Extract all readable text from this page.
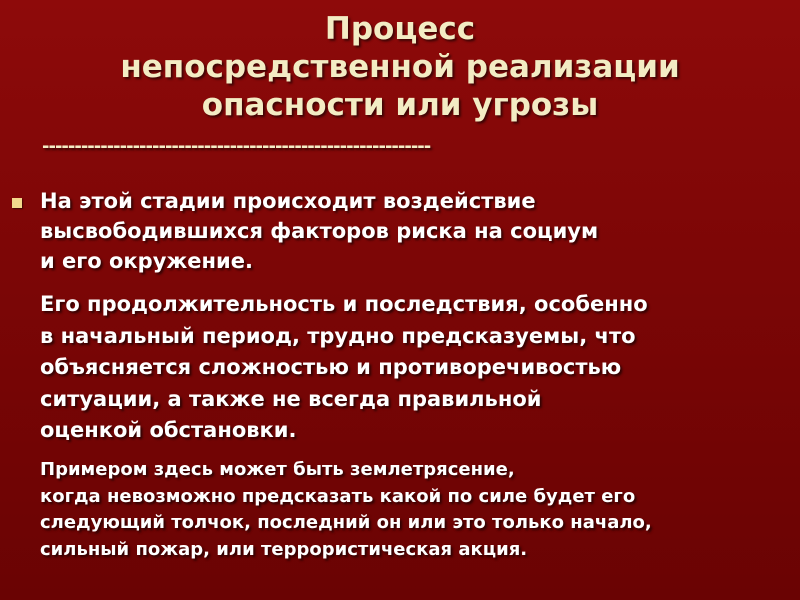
Процесс
непосредственной реализации
опасности или угрозы
------------------------------------------------------------
На этой стадии происходит воздействие
высвободившихся факторов риска на социум
и его окружение.
Его продолжительность и последствия, особенно
в начальный период, трудно предсказуемы, что
объясняется сложностью и противоречивостью
ситуации, а также не всегда правильной
оценкой обстановки.
Примером здесь может быть землетрясение,
когда невозможно предсказать какой по силе будет его
следующий толчок, последний он или это только начало,
сильный пожар, или террористическая акция.
